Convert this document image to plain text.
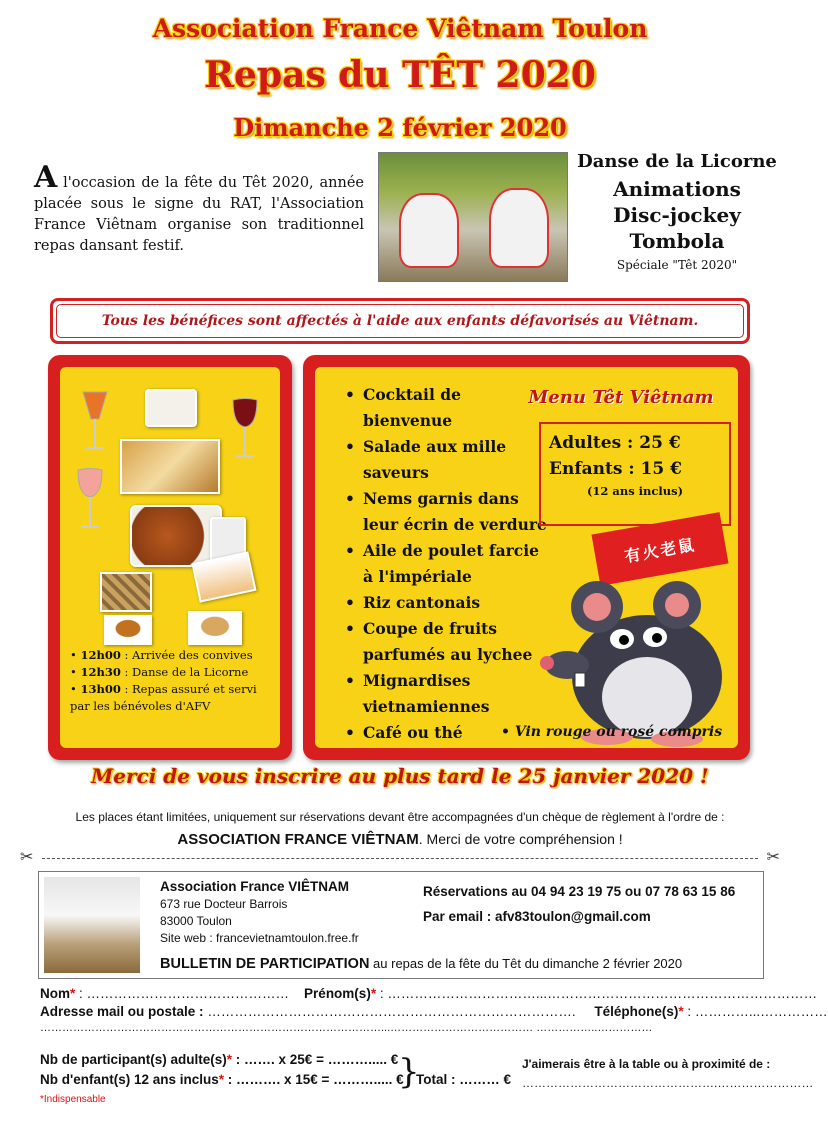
Association France Viêtnam Toulon
Repas du TÊT 2020
Dimanche 2 février 2020
A l'occasion de la fête du Têt 2020, année placée sous le signe du RAT, l'Association France Viêtnam organise son traditionnel repas dansant festif.
Danse de la Licorne
Animations
Disc-jockey
Tombola
Spéciale "Têt 2020"
Tous les bénéfices sont affectés à l'aide aux enfants défavorisés au Viêtnam.
• 12h00 : Arrivée des convives
• 12h30 : Danse de la Licorne
• 13h00 : Repas assuré et servi par les bénévoles d'AFV
• Cocktail de bienvenue
• Salade aux mille saveurs
• Nems garnis dans leur écrin de verdure
• Aile de poulet farcie à l'impériale
• Riz cantonais
• Coupe de fruits parfumés au lychee
• Mignardises vietnamiennes
• Café ou thé
Menu Têt Viêtnam
Adultes : 25 €
Enfants : 15 €
(12 ans inclus)
有火老鼠
• Vin rouge ou rosé compris
Merci de vous inscrire au plus tard le 25 janvier 2020 !
Les places étant limitées, uniquement sur réservations devant être accompagnées d'un chèque de règlement à l'ordre de :
ASSOCIATION FRANCE VIÊTNAM. Merci de votre compréhension !
✂	✂
Association France VIÊTNAM
673 rue Docteur Barrois
83000 Toulon
Site web : francevietnamtoulon.free.fr
Réservations au 04 94 23 19 75 ou 07 78 63 15 86
Par email : afv83toulon@gmail.com
BULLETIN DE PARTICIPATION au repas de la fête du Têt du dimanche 2 février 2020
Nom* : ……………………………………… Prénom(s)* : ……………………………...……………………………………………………
Adresse mail ou postale : ………………………………………………………………………. Téléphone(s)* : …………...……………
…………………………………………………………………………………...………………………………… ……………..……………
Nb de participant(s) adulte(s)* : ……. x 25€ = ………..... €
Nb d'enfant(s) 12 ans inclus* : ………. x 15€ = ………..... €
*Indispensable
}
Total : ……… €
J'aimerais être à la table ou à proximité de :
………………………………………….……………………
